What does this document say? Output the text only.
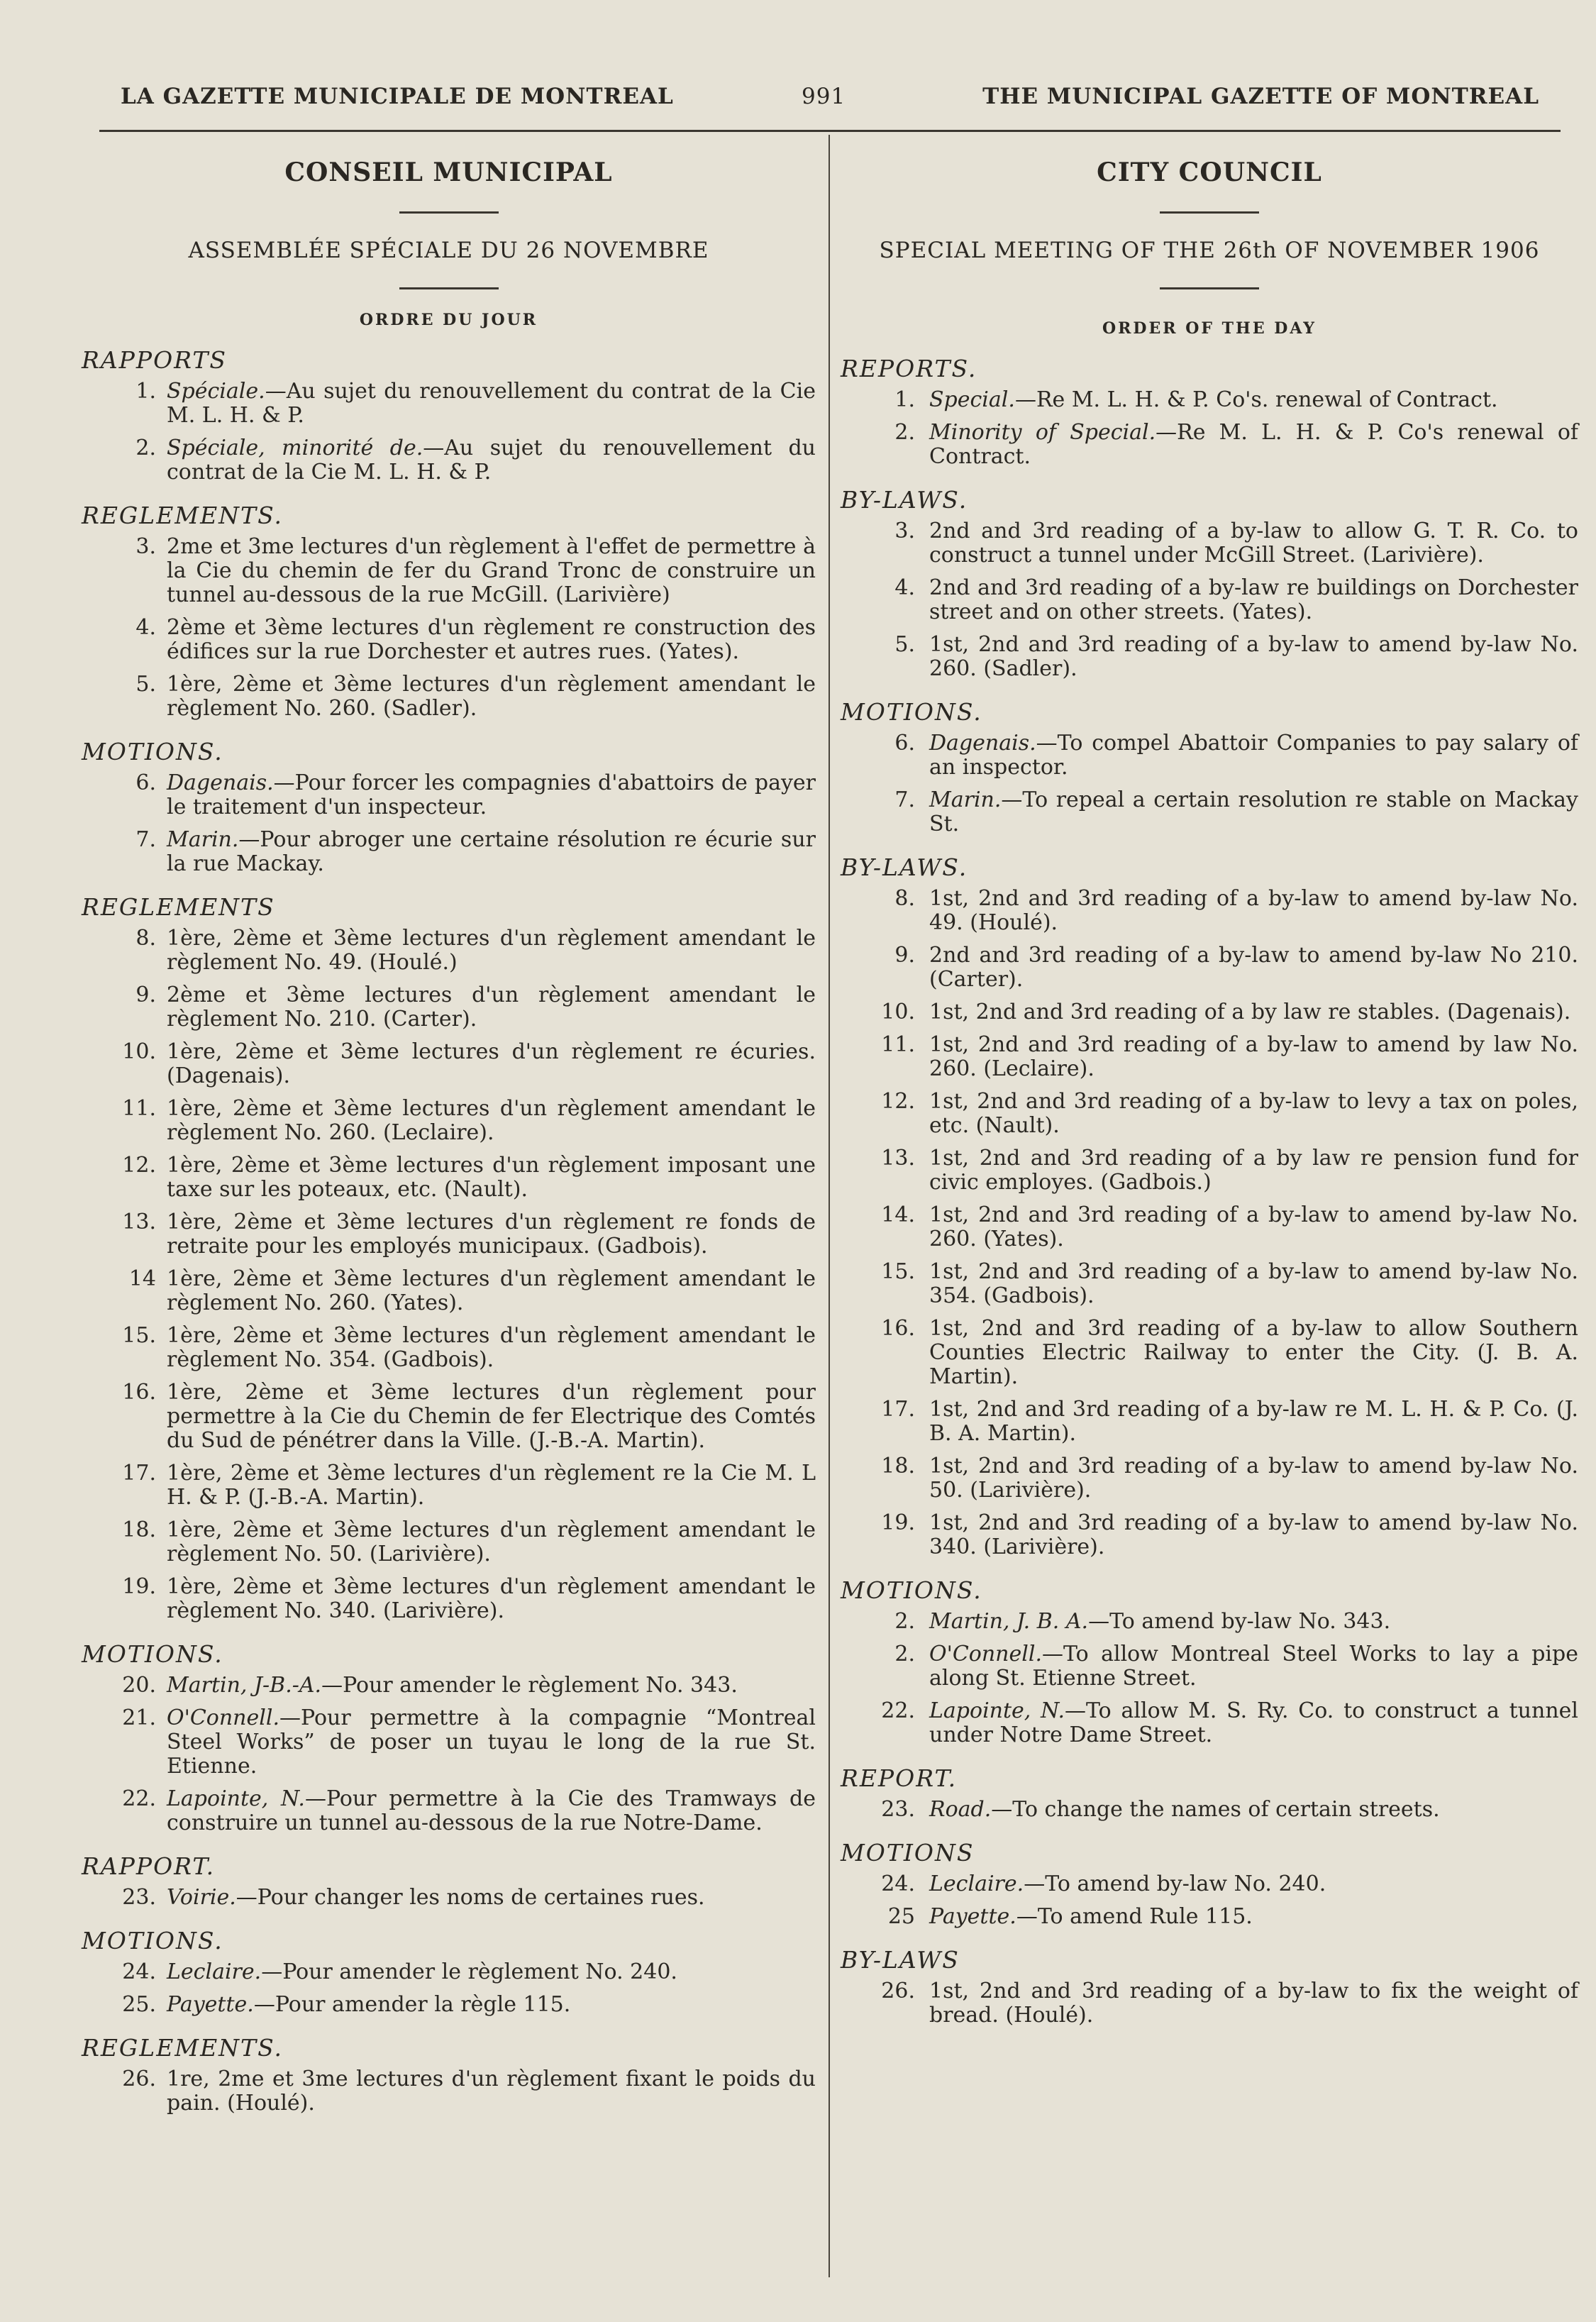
LA GAZETTE MUNICIPALE DE MONTREAL	991	THE MUNICIPAL GAZETTE OF MONTREAL
CONSEIL MUNICIPAL
ASSEMBLÉE SPÉCIALE DU 26 NOVEMBRE
ORDRE DU JOUR
RAPPORTS
1. Spéciale.—Au sujet du renouvellement du contrat de la Cie M. L. H. & P.
2. Spéciale, minorité de.—Au sujet du renouvellement du contrat de la Cie M. L. H. & P.
REGLEMENTS.
3. 2me et 3me lectures d'un règlement à l'effet de permettre à la Cie du chemin de fer du Grand Tronc de construire un tunnel au-dessous de la rue McGill. (Larivière)
4. 2ème et 3ème lectures d'un règlement re construction des édifices sur la rue Dorchester et autres rues. (Yates).
5. 1ère, 2ème et 3ème lectures d'un règlement amendant le règlement No. 260. (Sadler).
MOTIONS.
6. Dagenais.—Pour forcer les compagnies d'abattoirs de payer le traitement d'un inspecteur.
7. Marin.—Pour abroger une certaine résolution re écurie sur la rue Mackay.
REGLEMENTS
8. 1ère, 2ème et 3ème lectures d'un règlement amendant le règlement No. 49. (Houlé.)
9. 2ème et 3ème lectures d'un règlement amendant le règlement No. 210. (Carter).
10. 1ère, 2ème et 3ème lectures d'un règlement re écuries. (Dagenais).
11. 1ère, 2ème et 3ème lectures d'un règlement amendant le règlement No. 260. (Leclaire).
12. 1ère, 2ème et 3ème lectures d'un règlement imposant une taxe sur les poteaux, etc. (Nault).
13. 1ère, 2ème et 3ème lectures d'un règlement re fonds de retraite pour les employés municipaux. (Gadbois).
14 1ère, 2ème et 3ème lectures d'un règlement amendant le règlement No. 260. (Yates).
15. 1ère, 2ème et 3ème lectures d'un règlement amendant le règlement No. 354. (Gadbois).
16. 1ère, 2ème et 3ème lectures d'un règlement pour permettre à la Cie du Chemin de fer Electrique des Comtés du Sud de pénétrer dans la Ville. (J.-B.-A. Martin).
17. 1ère, 2ème et 3ème lectures d'un règlement re la Cie M. L H. & P. (J.-B.-A. Martin).
18. 1ère, 2ème et 3ème lectures d'un règlement amendant le règlement No. 50. (Larivière).
19. 1ère, 2ème et 3ème lectures d'un règlement amendant le règlement No. 340. (Larivière).
MOTIONS.
20. Martin, J-B.-A.—Pour amender le règlement No. 343.
21. O'Connell.—Pour permettre à la compagnie “Montreal Steel Works” de poser un tuyau le long de la rue St. Etienne.
22. Lapointe, N.—Pour permettre à la Cie des Tramways de construire un tunnel au-dessous de la rue Notre-Dame.
RAPPORT.
23. Voirie.—Pour changer les noms de certaines rues.
MOTIONS.
24. Leclaire.—Pour amender le règlement No. 240.
25. Payette.—Pour amender la règle 115.
REGLEMENTS.
26. 1re, 2me et 3me lectures d'un règlement fixant le poids du pain. (Houlé).
CITY COUNCIL
SPECIAL MEETING OF THE 26th OF NOVEMBER 1906
ORDER OF THE DAY
REPORTS.
1. Special.—Re M. L. H. & P. Co's. renewal of Contract.
2. Minority of Special.—Re M. L. H. & P. Co's renewal of Contract.
BY-LAWS.
3. 2nd and 3rd reading of a by-law to allow G. T. R. Co. to construct a tunnel under McGill Street. (Larivière).
4. 2nd and 3rd reading of a by-law re buildings on Dorchester street and on other streets. (Yates).
5. 1st, 2nd and 3rd reading of a by-law to amend by-law No. 260. (Sadler).
MOTIONS.
6. Dagenais.—To compel Abattoir Companies to pay salary of an inspector.
7. Marin.—To repeal a certain resolution re stable on Mackay St.
BY-LAWS.
8. 1st, 2nd and 3rd reading of a by-law to amend by-law No. 49. (Houlé).
9. 2nd and 3rd reading of a by-law to amend by-law No 210. (Carter).
10. 1st, 2nd and 3rd reading of a by law re stables. (Dagenais).
11. 1st, 2nd and 3rd reading of a by-law to amend by law No. 260. (Leclaire).
12. 1st, 2nd and 3rd reading of a by-law to levy a tax on poles, etc. (Nault).
13. 1st, 2nd and 3rd reading of a by law re pension fund for civic employes. (Gadbois.)
14. 1st, 2nd and 3rd reading of a by-law to amend by-law No. 260. (Yates).
15. 1st, 2nd and 3rd reading of a by-law to amend by-law No. 354. (Gadbois).
16. 1st, 2nd and 3rd reading of a by-law to allow Southern Counties Electric Railway to enter the City. (J. B. A. Martin).
17. 1st, 2nd and 3rd reading of a by-law re M. L. H. & P. Co. (J. B. A. Martin).
18. 1st, 2nd and 3rd reading of a by-law to amend by-law No. 50. (Larivière).
19. 1st, 2nd and 3rd reading of a by-law to amend by-law No. 340. (Larivière).
MOTIONS.
2. Martin, J. B. A.—To amend by-law No. 343.
2. O'Connell.—To allow Montreal Steel Works to lay a pipe along St. Etienne Street.
22. Lapointe, N.—To allow M. S. Ry. Co. to construct a tunnel under Notre Dame Street.
REPORT.
23. Road.—To change the names of certain streets.
MOTIONS
24. Leclaire.—To amend by-law No. 240.
25 Payette.—To amend Rule 115.
BY-LAWS
26. 1st, 2nd and 3rd reading of a by-law to fix the weight of bread. (Houlé).
